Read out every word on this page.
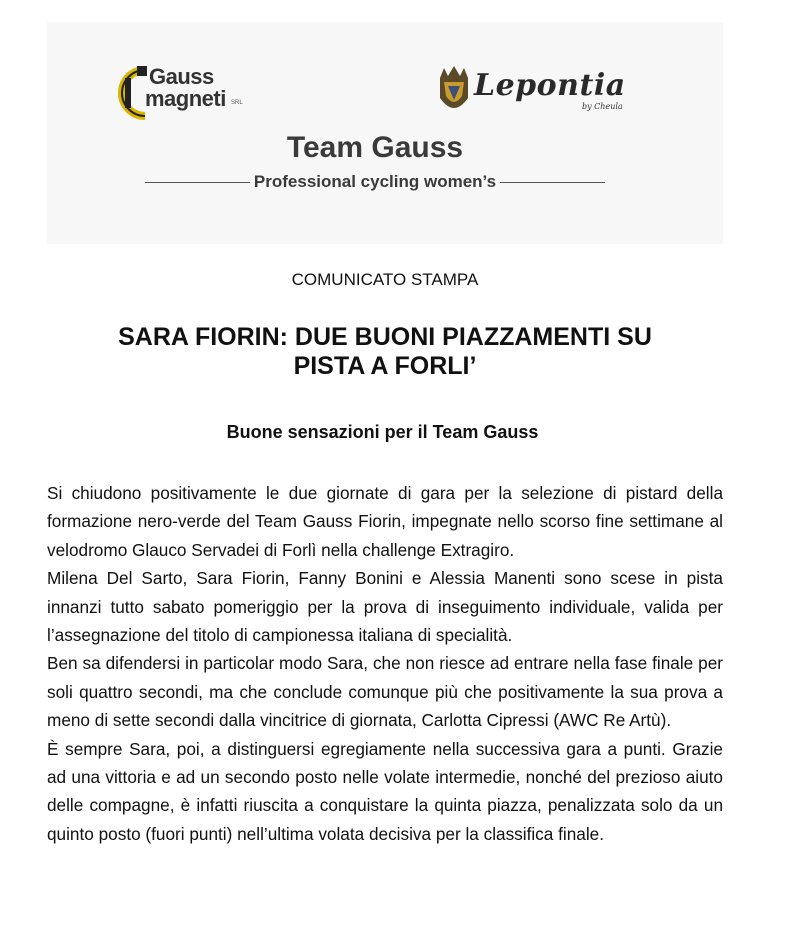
Gauss
magneti SRL	Lepontia
by Cheula
Team Gauss
Professional cycling women’s
COMUNICATO STAMPA
SARA FIORIN: DUE BUONI PIAZZAMENTI SU
PISTA A FORLI’
Buone sensazioni per il Team Gauss

Si chiudono positivamente le due giornate di gara per la selezione di pistard della formazione nero-verde del Team Gauss Fiorin, impegnate nello scorso fine settimane al velodromo Glauco Servadei di Forlì nella challenge Extragiro.

Milena Del Sarto, Sara Fiorin, Fanny Bonini e Alessia Manenti sono scese in pista innanzi tutto sabato pomeriggio per la prova di inseguimento individuale, valida per l’assegnazione del titolo di campionessa italiana di specialità.

Ben sa difendersi in particolar modo Sara, che non riesce ad entrare nella fase finale per soli quattro secondi, ma che conclude comunque più che positivamente la sua prova a meno di sette secondi dalla vincitrice di giornata, Carlotta Cipressi (AWC Re Artù).

È sempre Sara, poi, a distinguersi egregiamente nella successiva gara a punti. Grazie ad una vittoria e ad un secondo posto nelle volate intermedie, nonché del prezioso aiuto delle compagne, è infatti riuscita a conquistare la quinta piazza, penalizzata solo da un quinto posto (fuori punti) nell’ultima volata decisiva per la classifica finale.
